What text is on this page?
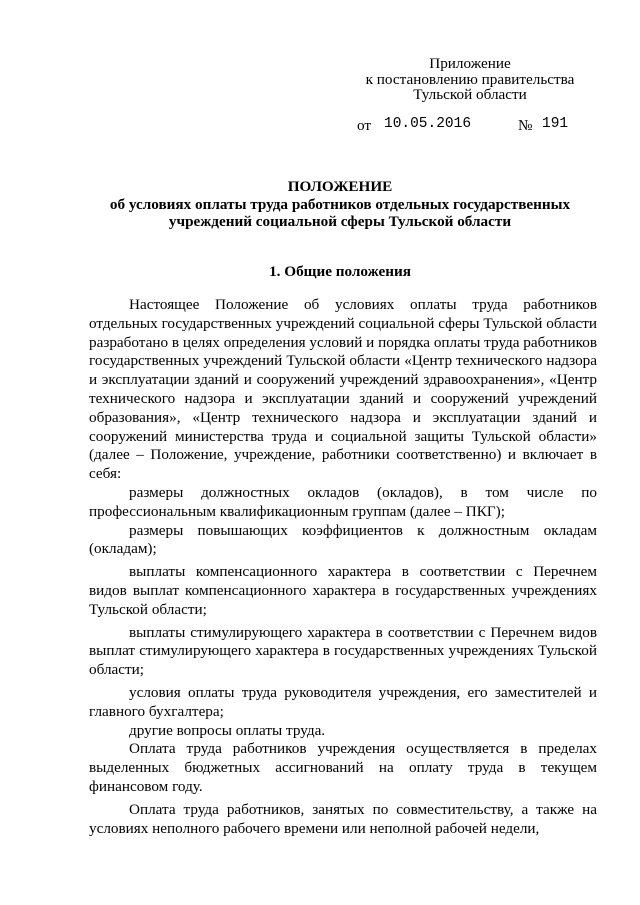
Приложение
к постановлению правительства
Тульской области
от 10.05.2016	№ 191
ПОЛОЖЕНИЕ
об условиях оплаты труда работников отдельных государственных
учреждений социальной сферы Тульской области
1. Общие положения

Настоящее Положение об условиях оплаты труда работников отдельных государственных учреждений социальной сферы Тульской области разработано в целях определения условий и порядка оплаты труда работников государственных учреждений Тульской области «Центр технического надзора и эксплуатации зданий и сооружений учреждений здравоохранения», «Центр технического надзора и эксплуатации зданий и сооружений учреждений образования», «Центр технического надзора и эксплуатации зданий и сооружений министерства труда и социальной защиты Тульской области» (далее – Положение, учреждение, работники соответственно) и включает в себя:

размеры должностных окладов (окладов), в том числе по профессиональным квалификационным группам (далее – ПКГ);

размеры повышающих коэффициентов к должностным окладам (окладам);

выплаты компенсационного характера в соответствии с Перечнем видов выплат компенсационного характера в государственных учреждениях Тульской области;

выплаты стимулирующего характера в соответствии с Перечнем видов выплат стимулирующего характера в государственных учреждениях Тульской области;

условия оплаты труда руководителя учреждения, его заместителей и главного бухгалтера;

другие вопросы оплаты труда.

Оплата труда работников учреждения осуществляется в пределах выделенных бюджетных ассигнований на оплату труда в текущем финансовом году.

Оплата труда работников, занятых по совместительству, а также на условиях неполного рабочего времени или неполной рабочей недели,
